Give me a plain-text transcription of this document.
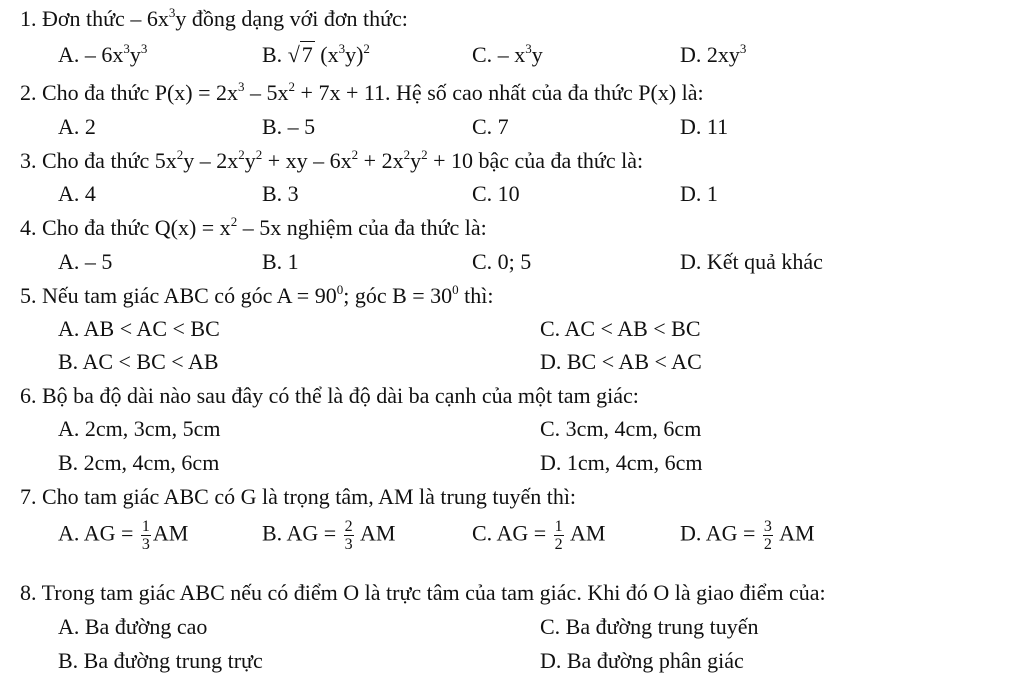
1. Đơn thức – $6x^3y$ đồng dạng với đơn thức:
A. – $6x^3y^3$	B. √7 $(x^3y)^2$	C. – $x^3y$	D. $2xy^3$
2. Cho đa thức $P(x) = 2x^3 - 5x^2 + 7x + 11$. Hệ số cao nhất của đa thức P(x) là:
A. 2	B. – 5	C. 7	D. 11
3. Cho đa thức $5x^2y - 2x^2y^2$ + xy – $6x^2 + 2x^2y^2 + 10$ bậc của đa thức là:
A. 4	B. 3	C. 10	D. 1
4. Cho đa thức $Q(x) = x^2 - 5x$ nghiệm của đa thức là:
A. – 5	B. 1	C. 0; 5	D. Kết quả khác
5. Nếu tam giác ABC có góc $A = 90^0$; góc $B = 30^0$ thì:
A. AB < AC < BC	C. AC < AB < BC
B. AC < BC < AB	D. BC < AB < AC
6. Bộ ba độ dài nào sau đây có thể là độ dài ba cạnh của một tam giác:
A. 2cm, 3cm, 5cm	C. 3cm, 4cm, 6cm
B. 2cm, 4cm, 6cm	D. 1cm, 4cm, 6cm
7. Cho tam giác ABC có G là trọng tâm, AM là trung tuyến thì:
A. AG = $\frac{1}{3}$ AM	B. AG = $\frac{2}{3}$ AM	C. AG = $\frac{1}{2}$ AM	D. AG = $\frac{3}{2}$ AM
8. Trong tam giác ABC nếu có điểm O là trực tâm của tam giác. Khi đó O là giao điểm của:
A. Ba đường cao	C. Ba đường trung tuyến
B. Ba đường trung trực	D. Ba đường phân giác
